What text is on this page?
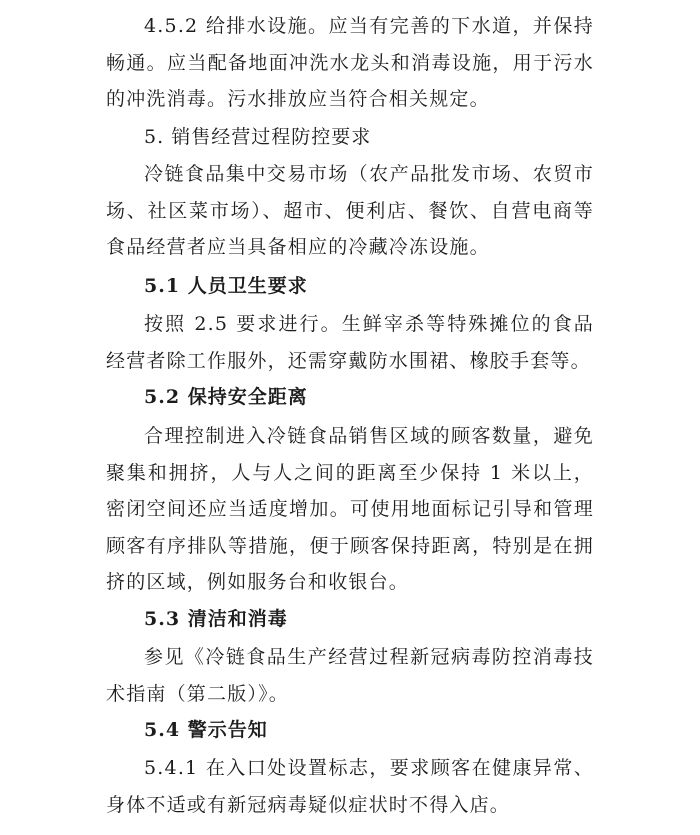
4.5.2 给排水设施。应当有完善的下水道，并保持畅通。应当配备地面冲洗水龙头和消毒设施，用于污水的冲洗消毒。污水排放应当符合相关规定。

5. 销售经营过程防控要求

冷链食品集中交易市场（农产品批发市场、农贸市场、社区菜市场）、超市、便利店、餐饮、自营电商等食品经营者应当具备相应的冷藏冷冻设施。

5.1 人员卫生要求

按照 2.5 要求进行。生鲜宰杀等特殊摊位的食品经营者除工作服外，还需穿戴防水围裙、橡胶手套等。

5.2 保持安全距离

合理控制进入冷链食品销售区域的顾客数量，避免聚集和拥挤，人与人之间的距离至少保持 1 米以上，密闭空间还应当适度增加。可使用地面标记引导和管理顾客有序排队等措施，便于顾客保持距离，特别是在拥挤的区域，例如服务台和收银台。

5.3 清洁和消毒

参见《冷链食品生产经营过程新冠病毒防控消毒技术指南（第二版）》。

5.4 警示告知

5.4.1 在入口处设置标志，要求顾客在健康异常、身体不适或有新冠病毒疑似症状时不得入店。
